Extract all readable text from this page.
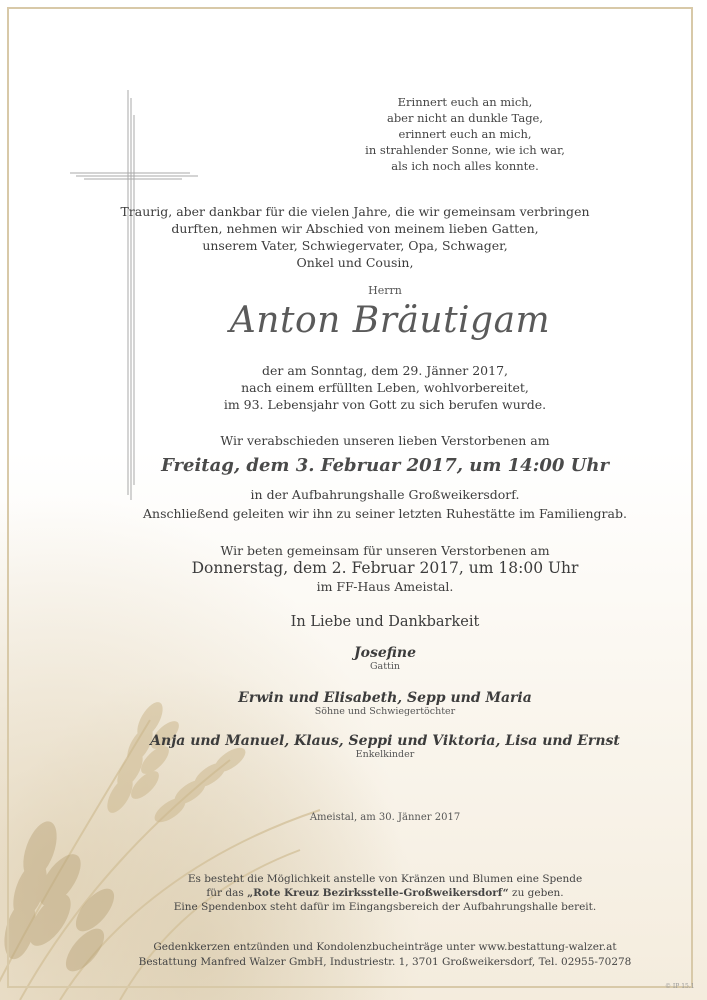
Erinnert euch an mich,
aber nicht an dunkle Tage,
erinnert euch an mich,
in strahlender Sonne, wie ich war,
als ich noch alles konnte.
Traurig, aber dankbar für die vielen Jahre, die wir gemeinsam verbringen
durften, nehmen wir Abschied von meinem lieben Gatten,
unserem Vater, Schwiegervater, Opa, Schwager,
Onkel und Cousin,
Herrn
Anton Bräutigam
der am Sonntag, dem 29. Jänner 2017,
nach einem erfüllten Leben, wohlvorbereitet,
im 93. Lebensjahr von Gott zu sich berufen wurde.
Wir verabschieden unseren lieben Verstorbenen am
Freitag, dem 3. Februar 2017, um 14:00 Uhr
in der Aufbahrungshalle Großweikersdorf.
Anschließend geleiten wir ihn zu seiner letzten Ruhestätte im Familiengrab.
Wir beten gemeinsam für unseren Verstorbenen am
Donnerstag, dem 2. Februar 2017, um 18:00 Uhr
im FF-Haus Ameistal.
In Liebe und Dankbarkeit
Josefine
Gattin
Erwin und Elisabeth, Sepp und Maria
Söhne und Schwiegertöchter
Anja und Manuel, Klaus, Seppi und Viktoria, Lisa und Ernst
Enkelkinder
Ameistal, am 30. Jänner 2017
Es besteht die Möglichkeit anstelle von Kränzen und Blumen eine Spende
für das „Rote Kreuz Bezirksstelle-Großweikersdorf“ zu geben.
Eine Spendenbox steht dafür im Eingangsbereich der Aufbahrungshalle bereit.
Gedenkkerzen entzünden und Kondolenzbucheinträge unter www.bestattung-walzer.at
Bestattung Manfred Walzer GmbH, Industriestr. 1, 3701 Großweikersdorf, Tel. 02955-70278
© IP 15.1
